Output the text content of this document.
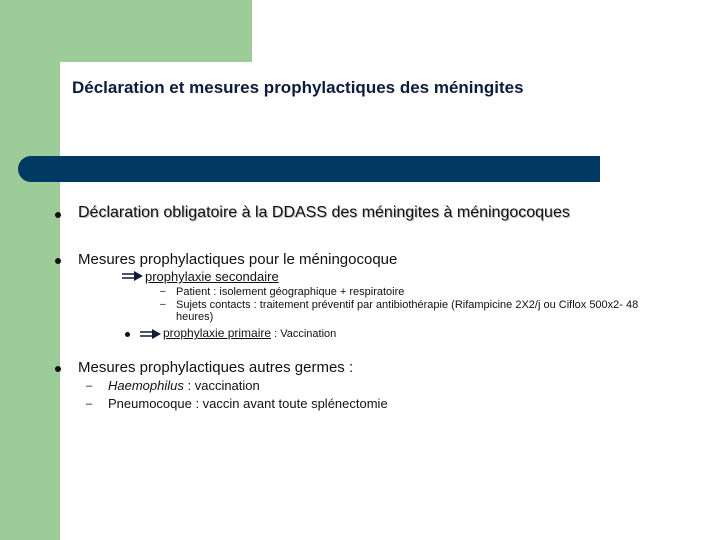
Déclaration et mesures prophylactiques des méningites
Déclaration obligatoire à la DDASS des méningites à méningocoques
Mesures prophylactiques pour le méningocoque
prophylaxie secondaire
– Patient : isolement géographique + respiratoire
– Sujets contacts : traitement préventif par antibiothérapie (Rifampicine 2X2/j ou Ciflox 500x2- 48
heures)
prophylaxie primaire : Vaccination
Mesures prophylactiques autres germes :
– Haemophilus : vaccination
– Pneumocoque : vaccin avant toute splénectomie
